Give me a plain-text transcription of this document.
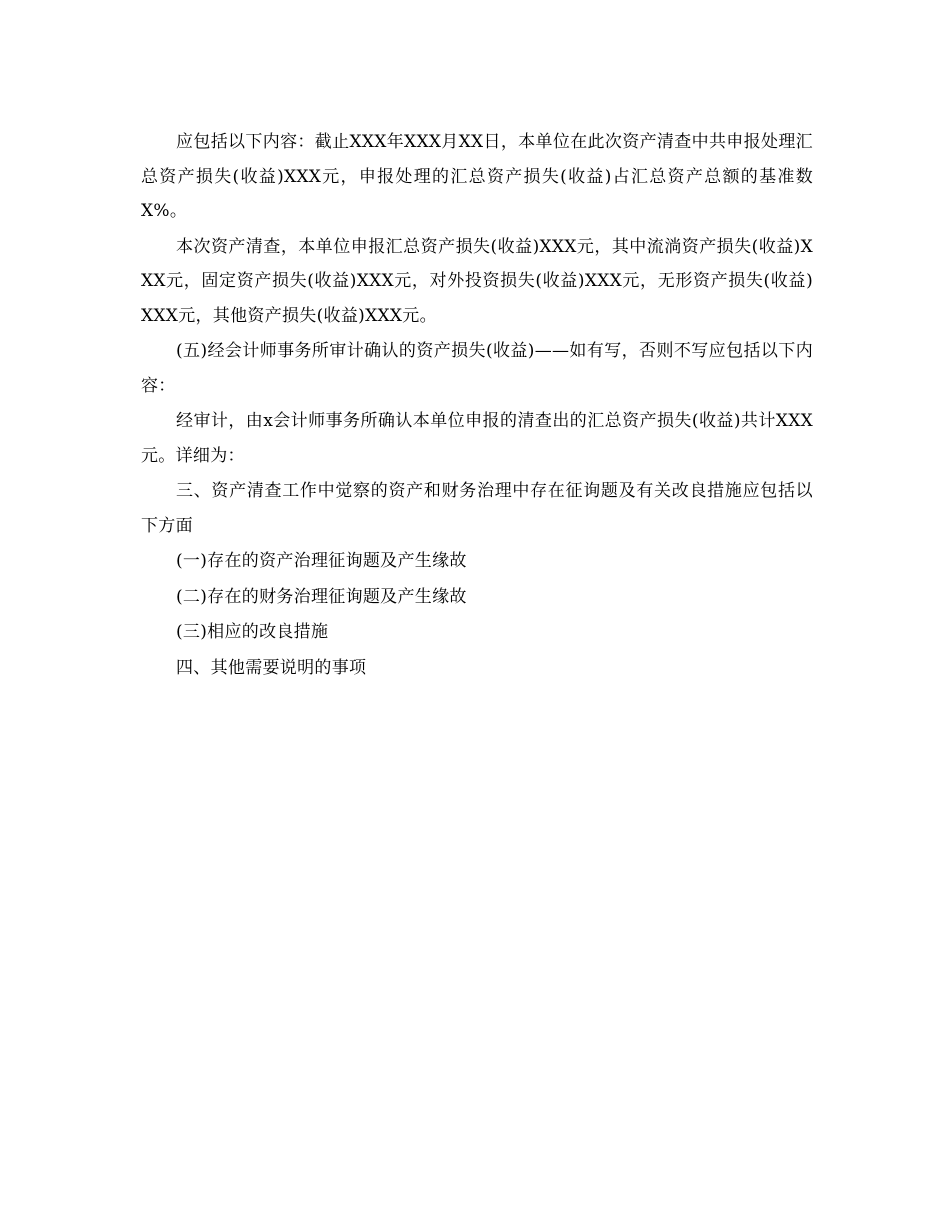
应包括以下内容：截止XXX年XXX月XX日，本单位在此次资产清查中共申报处理汇总资产损失(收益)XXX元，申报处理的汇总资产损失(收益)占汇总资产总额的基准数X%。

本次资产清查，本单位申报汇总资产损失(收益)XXX元，其中流淌资产损失(收益)XXX元，固定资产损失(收益)XXX元，对外投资损失(收益)XXX元，无形资产损失(收益)XXX元，其他资产损失(收益)XXX元。

(五)经会计师事务所审计确认的资产损失(收益)——如有写，否则不写应包括以下内容：

经审计，由x会计师事务所确认本单位申报的清查出的汇总资产损失(收益)共计XXX元。详细为：

三、资产清查工作中觉察的资产和财务治理中存在征询题及有关改良措施应包括以下方面

(一)存在的资产治理征询题及产生缘故

(二)存在的财务治理征询题及产生缘故

(三)相应的改良措施

四、其他需要说明的事项
